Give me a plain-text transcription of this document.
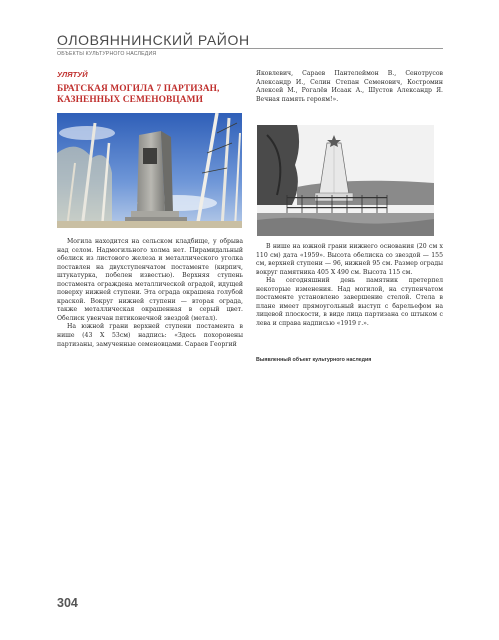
ОЛОВЯННИНСКИЙ РАЙОН
ОБЪЕКТЫ КУЛЬТУРНОГО НАСЛЕДИЯ
УЛЯТУЙ
БРАТСКАЯ МОГИЛА 7 ПАРТИЗАН,
КАЗНЕННЫХ СЕМЕНОВЦАМИ

Могила находится на сельском кладбище, у обрыва над селом. Надмогильного холма нет. Пирамидальный обелиск из листового железа и металлического уголка поставлен на двухступенчатом постаменте (кирпич, штукатурка, побелен известью). Верхняя ступень постамента ограждена металлической оградой, идущей поверху нижней ступени. Эта ограда окрашена голубой краской. Вокруг нижней ступени — вторая ограда, также металлическая окрашенная в серый цвет. Обелиск увенчан пятиконечной звездой (метал).

На южной грани верхней ступени постамента в нише (43 Х 53см) надпись: «Здесь похоронены партизаны, замученные семеновцами. Сараев Георгий

Яковлевич, Сараев Пантелеймон В., Сенотрусов Александр И., Селин Степан Семенович, Костромин Алексей М., Рогалёв Исаак А., Шустов Александр Я. Вечная память героям!».

В нише на южной грани нижнего основания (20 см х 110 см) дата «1959». Высота обелиска со звездой — 155 см, верхней ступени — 96, нижней 95 см. Размер ограды вокруг памятника 405 Х 490 см. Высота 115 см.

На сегодняшний день памятник претерпел некоторые изменения. Над могилой, на ступенчатом постаменте установлено завершение стелой. Стела в плане имеет прямоугольный выступ с барельефом на лицевой плоскости, в виде лица партизана со штыком с лева и справа надписью «1919 г.».

Выявленный объект культурного наследия
304
